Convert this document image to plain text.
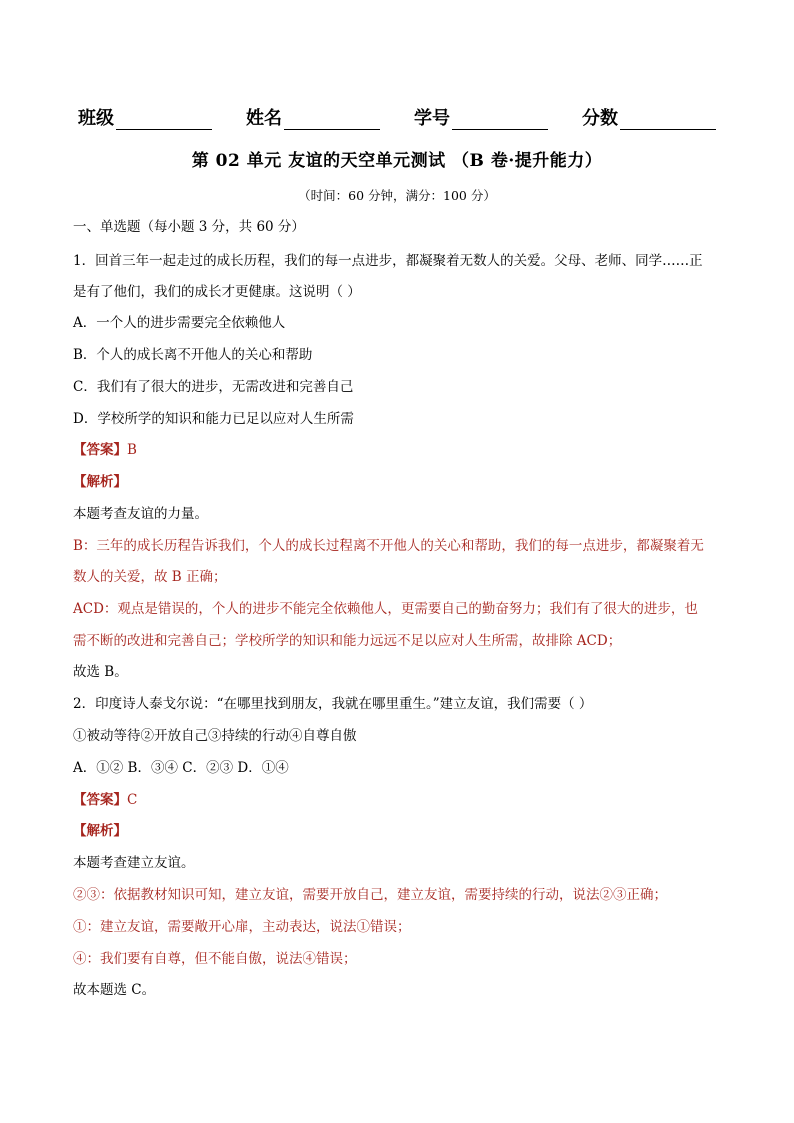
班级	姓名	学号	分数
第 02 单元 友谊的天空单元测试 （B 卷·提升能力）
（时间：60 分钟，满分：100 分）
一、单选题（每小题 3 分，共 60 分）
1．回首三年一起走过的成长历程，我们的每一点进步，都凝聚着无数人的关爱。父母、老师、同学……正
是有了他们，我们的成长才更健康。这说明（ ）
A．一个人的进步需要完全依赖他人
B．个人的成长离不开他人的关心和帮助
C．我们有了很大的进步，无需改进和完善自己
D．学校所学的知识和能力已足以应对人生所需
【答案】B
【解析】
本题考查友谊的力量。
B：三年的成长历程告诉我们，个人的成长过程离不开他人的关心和帮助，我们的每一点进步，都凝聚着无
数人的关爱，故 B 正确；
ACD：观点是错误的，个人的进步不能完全依赖他人，更需要自己的勤奋努力；我们有了很大的进步，也
需不断的改进和完善自己；学校所学的知识和能力远远不足以应对人生所需，故排除 ACD；
故选 B。
2．印度诗人泰戈尔说：“在哪里找到朋友，我就在哪里重生。”建立友谊，我们需要（ ）
①被动等待②开放自己③持续的行动④自尊自傲
A．①② B．③④ C．②③ D．①④
【答案】C
【解析】
本题考查建立友谊。
②③：依据教材知识可知，建立友谊，需要开放自己，建立友谊，需要持续的行动，说法②③正确；
①：建立友谊，需要敞开心扉，主动表达，说法①错误；
④：我们要有自尊，但不能自傲，说法④错误；
故本题选 C。
